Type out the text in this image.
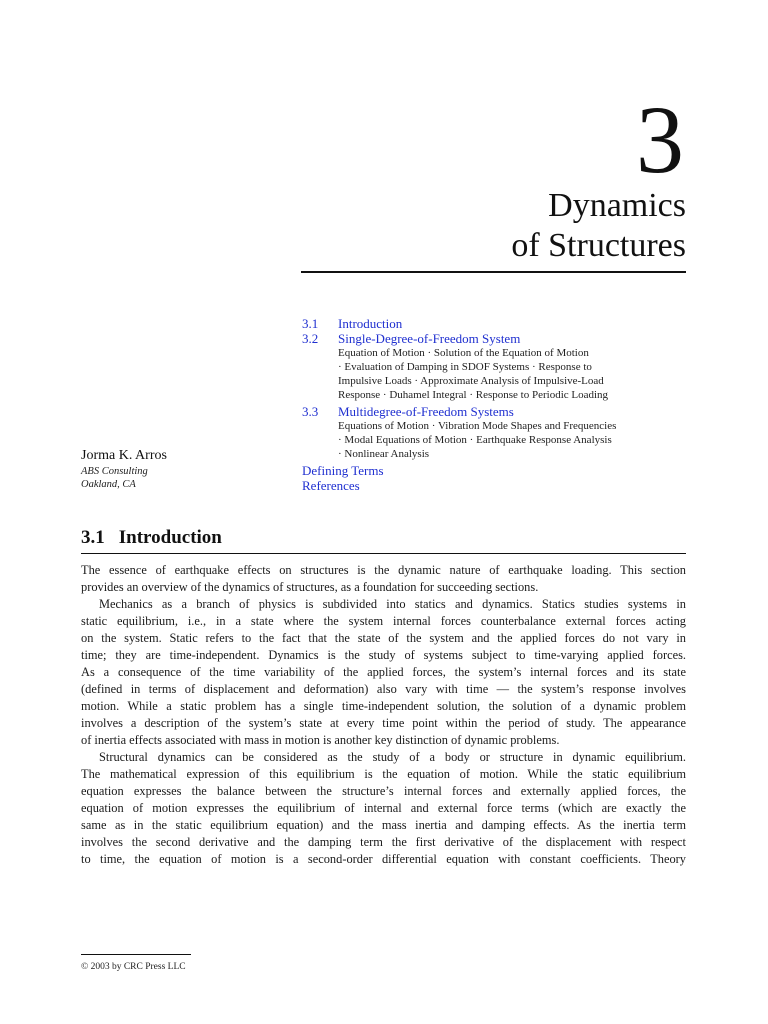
3
Dynamics
of Structures
3.1 Introduction
3.2 Single-Degree-of-Freedom System
Equation of Motion · Solution of the Equation of Motion
· Evaluation of Damping in SDOF Systems · Response to
Impulsive Loads · Approximate Analysis of Impulsive-Load
Response · Duhamel Integral · Response to Periodic Loading
3.3 Multidegree-of-Freedom Systems
Equations of Motion · Vibration Mode Shapes and Frequencies
· Modal Equations of Motion · Earthquake Response Analysis
· Nonlinear Analysis
Defining Terms
References
Jorma K. Arros
ABS Consulting
Oakland, CA
3.1 Introduction
The essence of earthquake effects on structures is the dynamic nature of earthquake loading. This section
provides an overview of the dynamics of structures, as a foundation for succeeding sections.
Mechanics as a branch of physics is subdivided into statics and dynamics. Statics studies systems in
static equilibrium, i.e., in a state where the system internal forces counterbalance external forces acting
on the system. Static refers to the fact that the state of the system and the applied forces do not vary in
time; they are time-independent. Dynamics is the study of systems subject to time-varying applied forces.
As a consequence of the time variability of the applied forces, the system’s internal forces and its state
(defined in terms of displacement and deformation) also vary with time — the system’s response involves
motion. While a static problem has a single time-independent solution, the solution of a dynamic problem
involves a description of the system’s state at every time point within the period of study. The appearance
of inertia effects associated with mass in motion is another key distinction of dynamic problems.
Structural dynamics can be considered as the study of a body or structure in dynamic equilibrium.
The mathematical expression of this equilibrium is the equation of motion. While the static equilibrium
equation expresses the balance between the structure’s internal forces and externally applied forces, the
equation of motion expresses the equilibrium of internal and external force terms (which are exactly the
same as in the static equilibrium equation) and the mass inertia and damping effects. As the inertia term
involves the second derivative and the damping term the first derivative of the displacement with respect
to time, the equation of motion is a second-order differential equation with constant coefficients. Theory
© 2003 by CRC Press LLC
